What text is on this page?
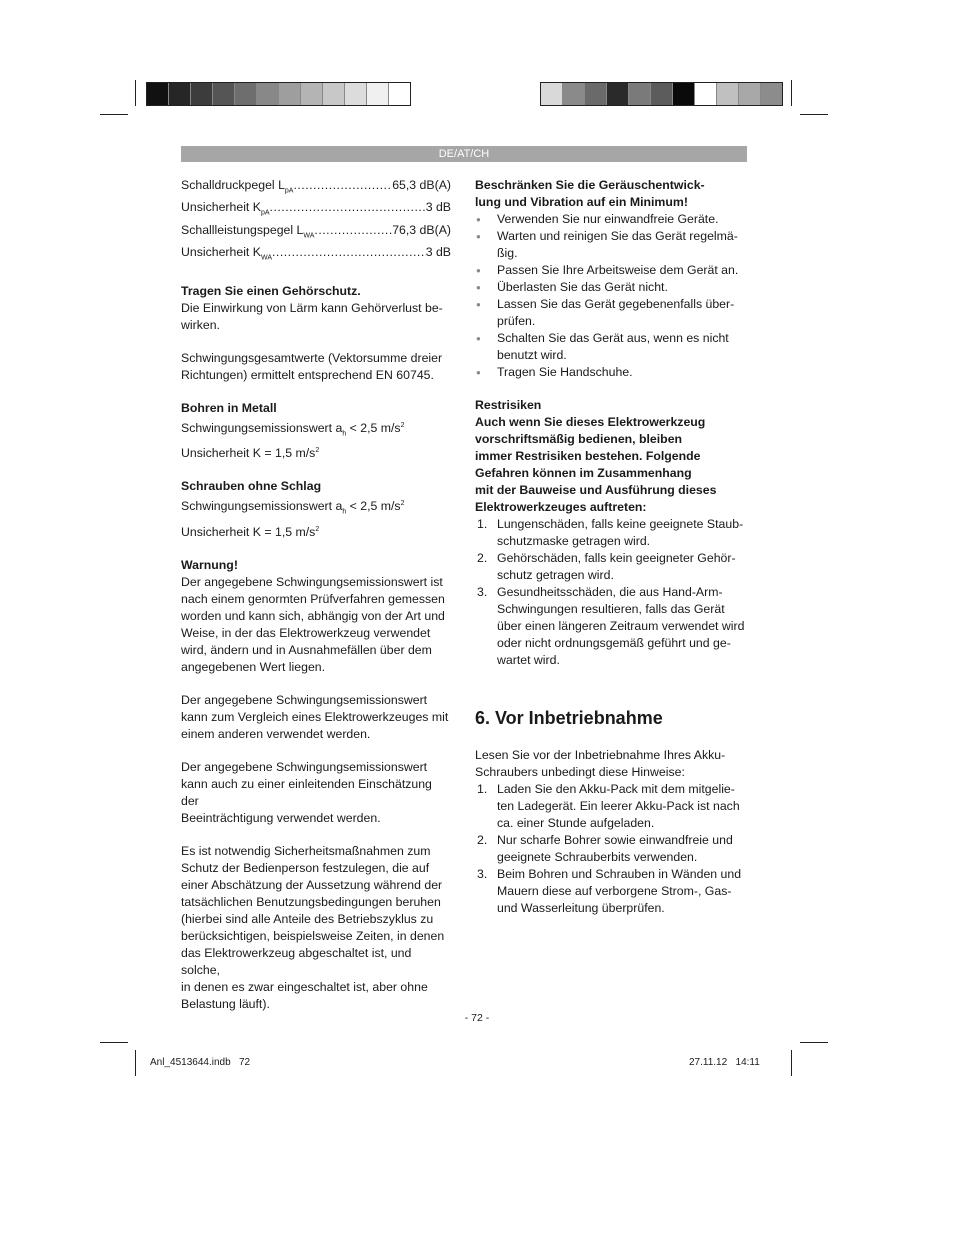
DE/AT/CH
Schalldruckpegel $L_{pA}$ .....	65,3 dB(A)
Unsicherheit $K_{pA}$ .....	3 dB
Schallleistungspegel $L_{WA}$ .....	76,3 dB(A)
Unsicherheit $K_{WA}$ .....	3 dB

Tragen Sie einen Gehörschutz.

Die Einwirkung von Lärm kann Gehörverlust be-
wirken.

Schwingungsgesamtwerte (Vektorsumme dreier
Richtungen) ermittelt entsprechend EN 60745.

Bohren in Metall

Schwingungsemissionswert $a_h < 2,5$ $m/s^2$

Unsicherheit K = 1,5 $m/s^2$

Schrauben ohne Schlag

Schwingungsemissionswert $a_h < 2,5$ $m/s^2$

Unsicherheit K = 1,5 $m/s^2$

Warnung!

Der angegebene Schwingungsemissionswert ist
nach einem genormten Prüfverfahren gemessen
worden und kann sich, abhängig von der Art und
Weise, in der das Elektrowerkzeug verwendet
wird, ändern und in Ausnahmefällen über dem
angegebenen Wert liegen.

Der angegebene Schwingungsemissionswert
kann zum Vergleich eines Elektrowerkzeuges mit
einem anderen verwendet werden.

Der angegebene Schwingungsemissionswert
kann auch zu einer einleitenden Einschätzung der
Beeinträchtigung verwendet werden.

Es ist notwendig Sicherheitsmaßnahmen zum
Schutz der Bedienperson festzulegen, die auf
einer Abschätzung der Aussetzung während der
tatsächlichen Benutzungsbedingungen beruhen
(hierbei sind alle Anteile des Betriebszyklus zu
berücksichtigen, beispielsweise Zeiten, in denen
das Elektrowerkzeug abgeschaltet ist, und solche,
in denen es zwar eingeschaltet ist, aber ohne
Belastung läuft).

Beschränken Sie die Geräuschentwick-
lung und Vibration auf ein Minimum!

● Verwenden Sie nur einwandfreie Geräte.
● Warten und reinigen Sie das Gerät regelmä-
ßig.
● Passen Sie Ihre Arbeitsweise dem Gerät an.
● Überlasten Sie das Gerät nicht.
● Lassen Sie das Gerät gegebenenfalls über-
prüfen.
● Schalten Sie das Gerät aus, wenn es nicht
benutzt wird.
● Tragen Sie Handschuhe.

Restrisiken

Auch wenn Sie dieses Elektrowerkzeug
vorschriftsmäßig bedienen, bleiben
immer Restrisiken bestehen. Folgende
Gefahren können im Zusammenhang
mit der Bauweise und Ausführung dieses
Elektrowerkzeuges auftreten:

1. Lungenschäden, falls keine geeignete Staub-
schutzmaske getragen wird.
2. Gehörschäden, falls kein geeigneter Gehör-
schutz getragen wird.
3. Gesundheitsschäden, die aus Hand-Arm-
Schwingungen resultieren, falls das Gerät
über einen längeren Zeitraum verwendet wird
oder nicht ordnungsgemäß geführt und ge-
wartet wird.
6. Vor Inbetriebnahme

Lesen Sie vor der Inbetriebnahme Ihres Akku-
Schraubers unbedingt diese Hinweise:

1. Laden Sie den Akku-Pack mit dem mitgelie-
ten Ladegerät. Ein leerer Akku-Pack ist nach
ca. einer Stunde aufgeladen.
2. Nur scharfe Bohrer sowie einwandfreie und
geeignete Schrauberbits verwenden.
3. Beim Bohren und Schrauben in Wänden und
Mauern diese auf verborgene Strom-, Gas-
und Wasserleitung überprüfen.
- 72 -
Anl_4513644.indb   72	27.11.12   14:11
